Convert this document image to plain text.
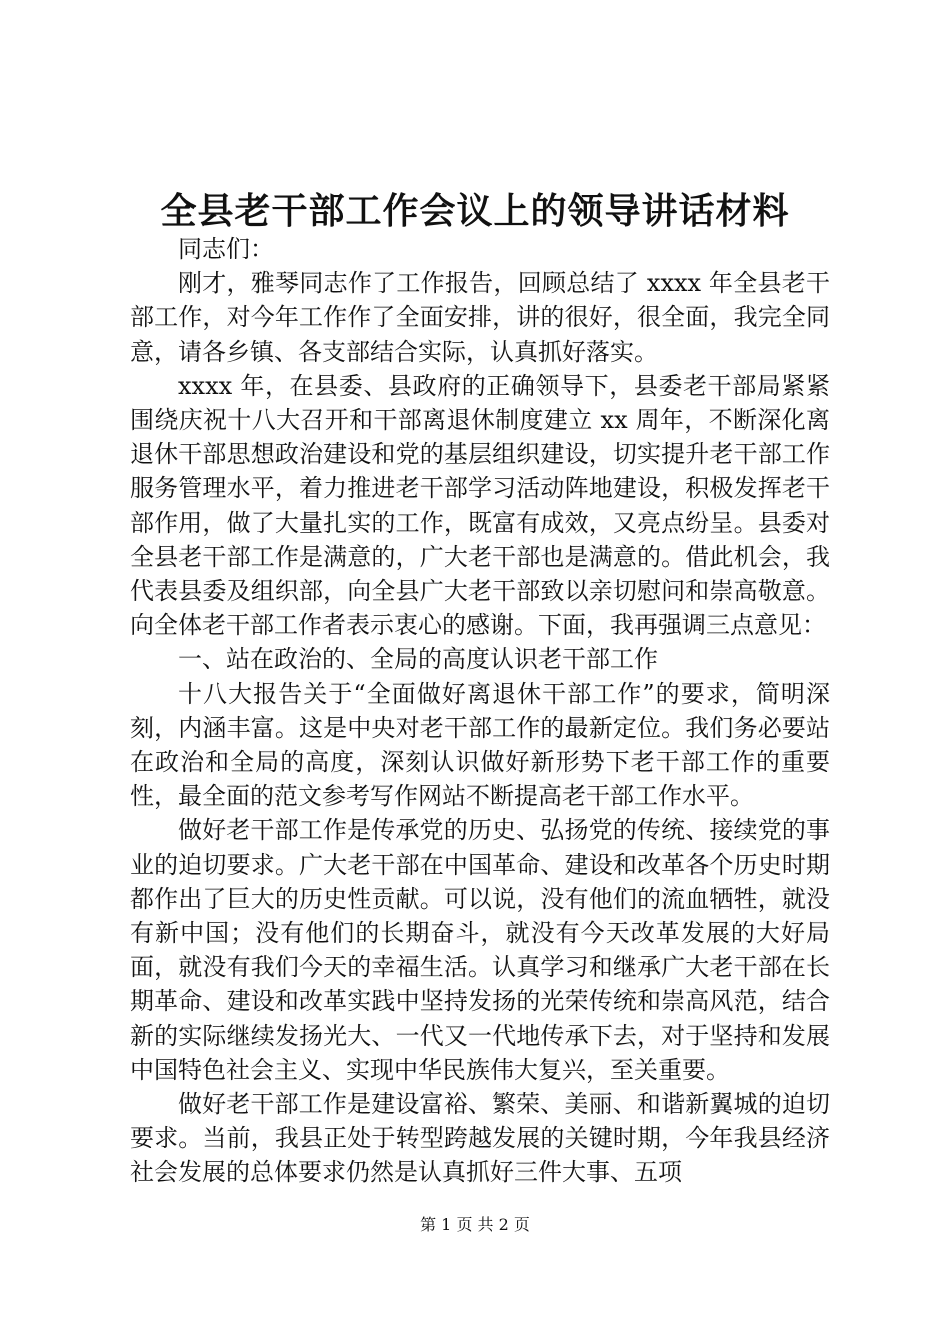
全县老干部工作会议上的领导讲话材料

同志们：

刚才，雅琴同志作了工作报告，回顾总结了 xxxx 年全县老干部工作，对今年工作作了全面安排，讲的很好，很全面，我完全同意，请各乡镇、各支部结合实际，认真抓好落实。

xxxx 年，在县委、县政府的正确领导下，县委老干部局紧紧围绕庆祝十八大召开和干部离退休制度建立 xx 周年，不断深化离退休干部思想政治建设和党的基层组织建设，切实提升老干部工作服务管理水平，着力推进老干部学习活动阵地建设，积极发挥老干部作用，做了大量扎实的工作，既富有成效，又亮点纷呈。县委对全县老干部工作是满意的，广大老干部也是满意的。借此机会，我代表县委及组织部，向全县广大老干部致以亲切慰问和崇高敬意。向全体老干部工作者表示衷心的感谢。下面，我再强调三点意见：

一、站在政治的、全局的高度认识老干部工作

十八大报告关于“全面做好离退休干部工作”的要求，简明深刻，内涵丰富。这是中央对老干部工作的最新定位。我们务必要站在政治和全局的高度，深刻认识做好新形势下老干部工作的重要性，最全面的范文参考写作网站不断提高老干部工作水平。

做好老干部工作是传承党的历史、弘扬党的传统、接续党的事业的迫切要求。广大老干部在中国革命、建设和改革各个历史时期都作出了巨大的历史性贡献。可以说，没有他们的流血牺牲，就没有新中国；没有他们的长期奋斗，就没有今天改革发展的大好局面，就没有我们今天的幸福生活。认真学习和继承广大老干部在长期革命、建设和改革实践中坚持发扬的光荣传统和崇高风范，结合新的实际继续发扬光大、一代又一代地传承下去，对于坚持和发展中国特色社会主义、实现中华民族伟大复兴，至关重要。

做好老干部工作是建设富裕、繁荣、美丽、和谐新翼城的迫切要求。当前，我县正处于转型跨越发展的关键时期，今年我县经济社会发展的总体要求仍然是认真抓好三件大事、五项

第 1 页 共 2 页
